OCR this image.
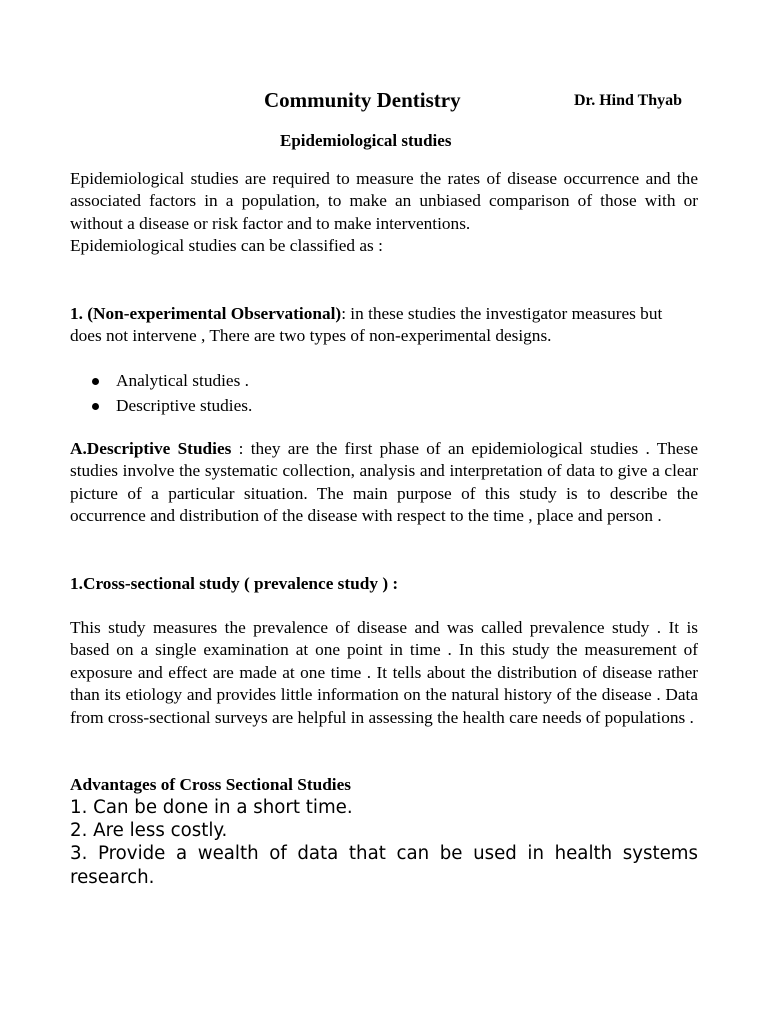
Community Dentistry	Dr. Hind Thyab
Epidemiological studies

Epidemiological studies are required to measure the rates of disease occurrence and the associated factors in a population, to make an unbiased comparison of those with or without a disease or risk factor and to make interventions.

Epidemiological studies can be classified as :

1. (Non-experimental Observational): in these studies the investigator measures but does not intervene , There are two types of non-experimental designs.

Analytical studies .
Descriptive studies.

A.Descriptive Studies : they are the first phase of an epidemiological studies . These studies involve the systematic collection, analysis and interpretation of data to give a clear picture of a particular situation. The main purpose of this study is to describe the occurrence and distribution of the disease with respect to the time , place and person .

1.Cross-sectional study ( prevalence study ) :

This study measures the prevalence of disease and was called prevalence study . It is based on a single examination at one point in time . In this study the measurement of exposure and effect are made at one time . It tells about the distribution of disease rather than its etiology and provides little information on the natural history of the disease . Data from cross-sectional surveys are helpful in assessing the health care needs of populations .

Advantages of Cross Sectional Studies

1. Can be done in a short time.

2. Are less costly.

3. Provide a wealth of data that can be used in health systems research.
